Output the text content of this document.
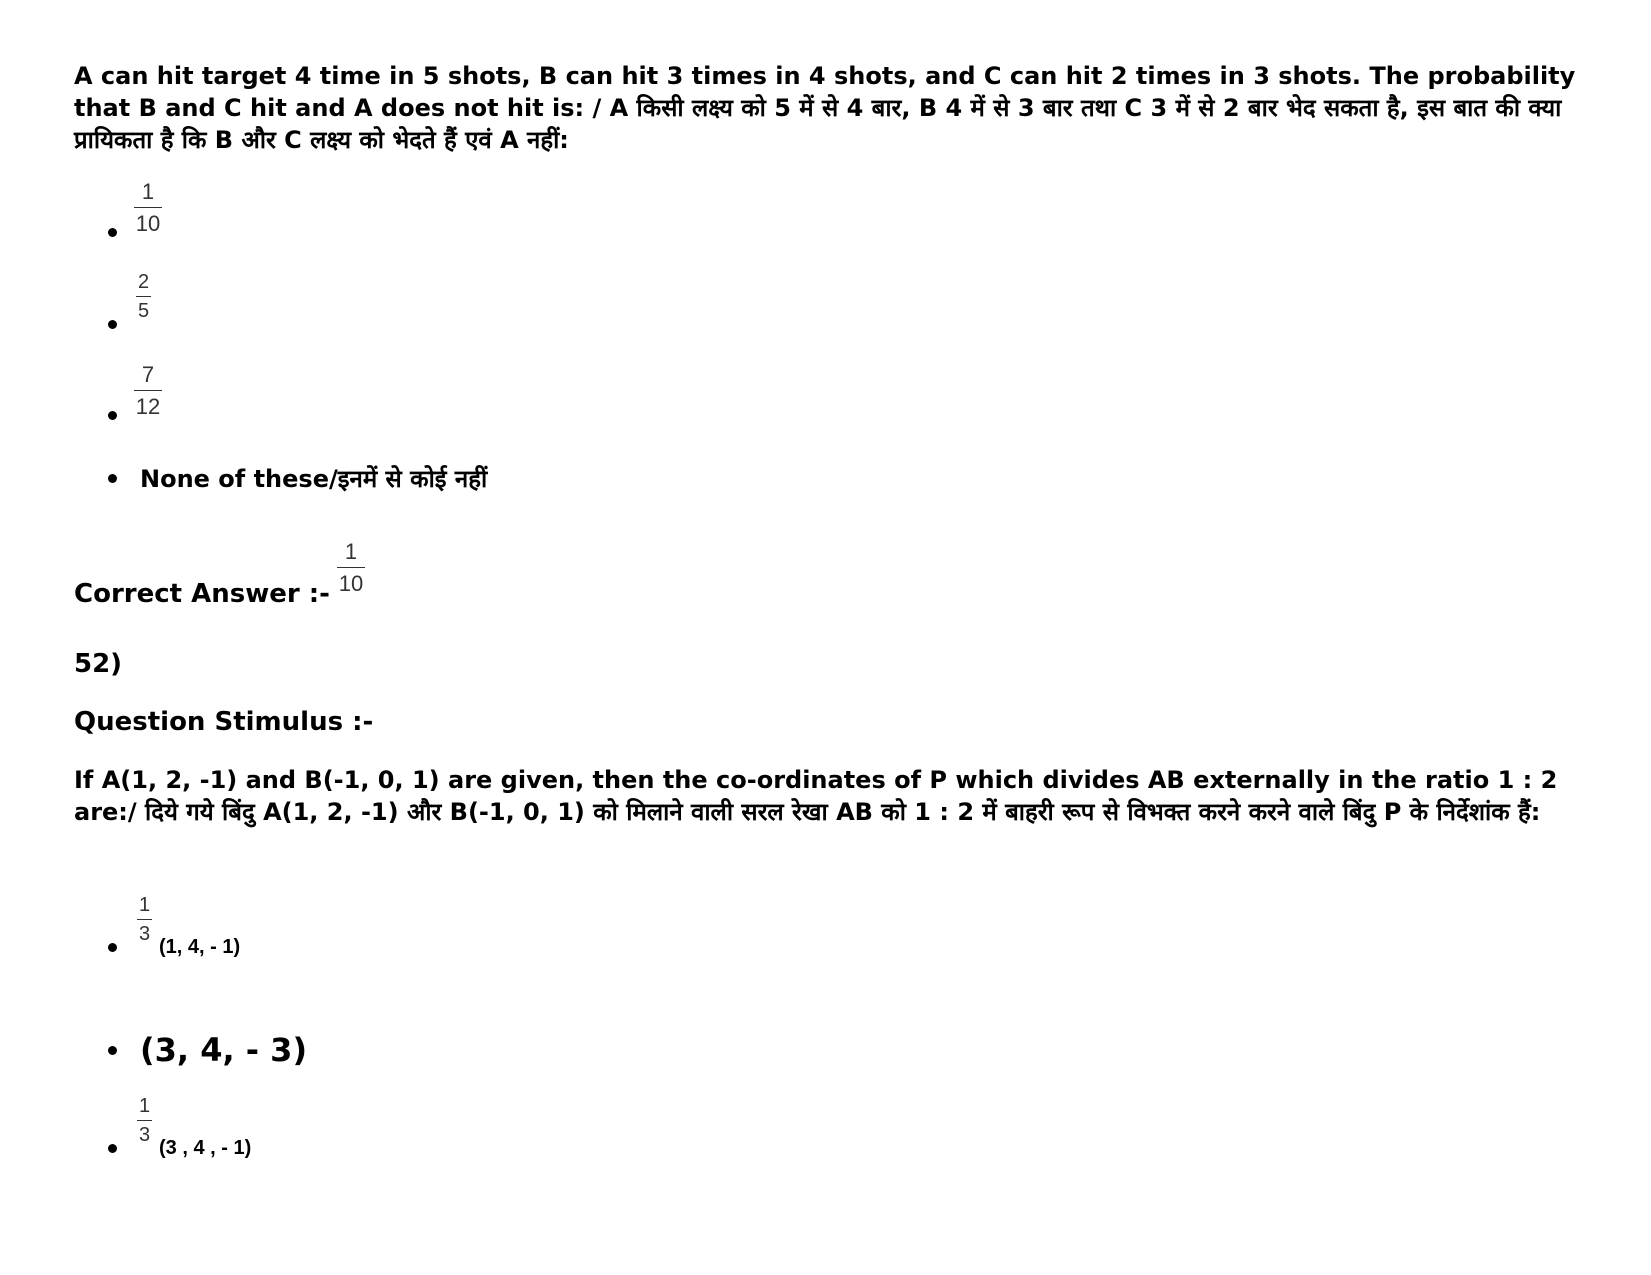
A can hit target 4 time in 5 shots, B can hit 3 times in 4 shots, and C can hit 2 times in 3 shots. The probability that B and C hit and A does not hit is: / A किसी लक्ष्य को 5 में से 4 बार, B 4 में से 3 बार तथा C 3 में से 2 बार भेद सकता है, इस बात की क्या प्रायिकता है कि B और C लक्ष्य को भेदते हैं एवं A नहीं:
1
10
2
5
7
12
None of these/इनमें से कोई नहीं
Correct Answer :-
1
10
52)
Question Stimulus :-
If A(1, 2, -1) and B(-1, 0, 1) are given, then the co-ordinates of P which divides AB externally in the ratio 1 : 2 are:/ दिये गये बिंदु A(1, 2, -1) और B(-1, 0, 1) को मिलाने वाली सरल रेखा AB को 1 : 2 में बाहरी रूप से विभक्त करने करने वाले बिंदु P के निर्देशांक हैं:
1
3
(1, 4, - 1)
(3, 4, - 3)
1
3
(3 , 4 , - 1)
